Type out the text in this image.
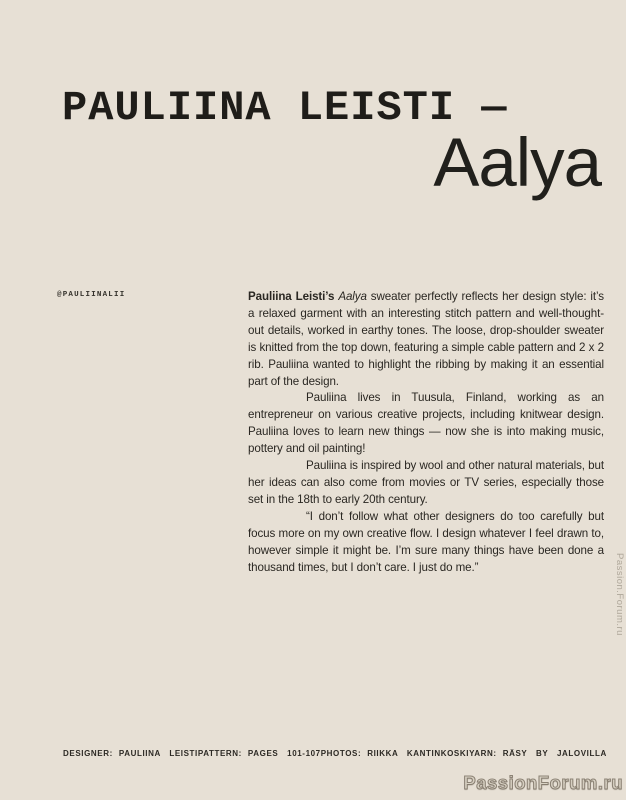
PAULIINA LEISTI —
Aalya
@PAULIINALII	Pauliina Leisti’s Aalya sweater perfectly reflects her design style: it’s a relaxed garment with an interesting stitch pattern and well-thought-out details, worked in earthy tones. The loose, drop-shoulder sweater is knitted from the top down, featuring a simple cable pattern and 2 x 2 rib. Pauliina wanted to highlight the ribbing by making it an essential part of the design.

Pauliina lives in Tuusula, Finland, working as an entrepreneur on various creative projects, including knitwear design. Pauliina loves to learn new things — now she is into making music, pottery and oil painting!

Pauliina is inspired by wool and other natural materials, but her ideas can also come from movies or TV series, especially those set in the 18th to early 20th century.

“I don’t follow what other designers do too carefully but focus more on my own creative flow. I design whatever I feel drawn to, however simple it might be. I’m sure many things have been done a thousand times, but I don’t care. I just do me.”

DESIGNER: PAULIINA LEISTI PATTERN: PAGES 101-107 PHOTOS: RIIKKA KANTINKOSKI YARN: RÄSY BY JALOVILLA
Passion.Forum.ru
PassionForum.ru
